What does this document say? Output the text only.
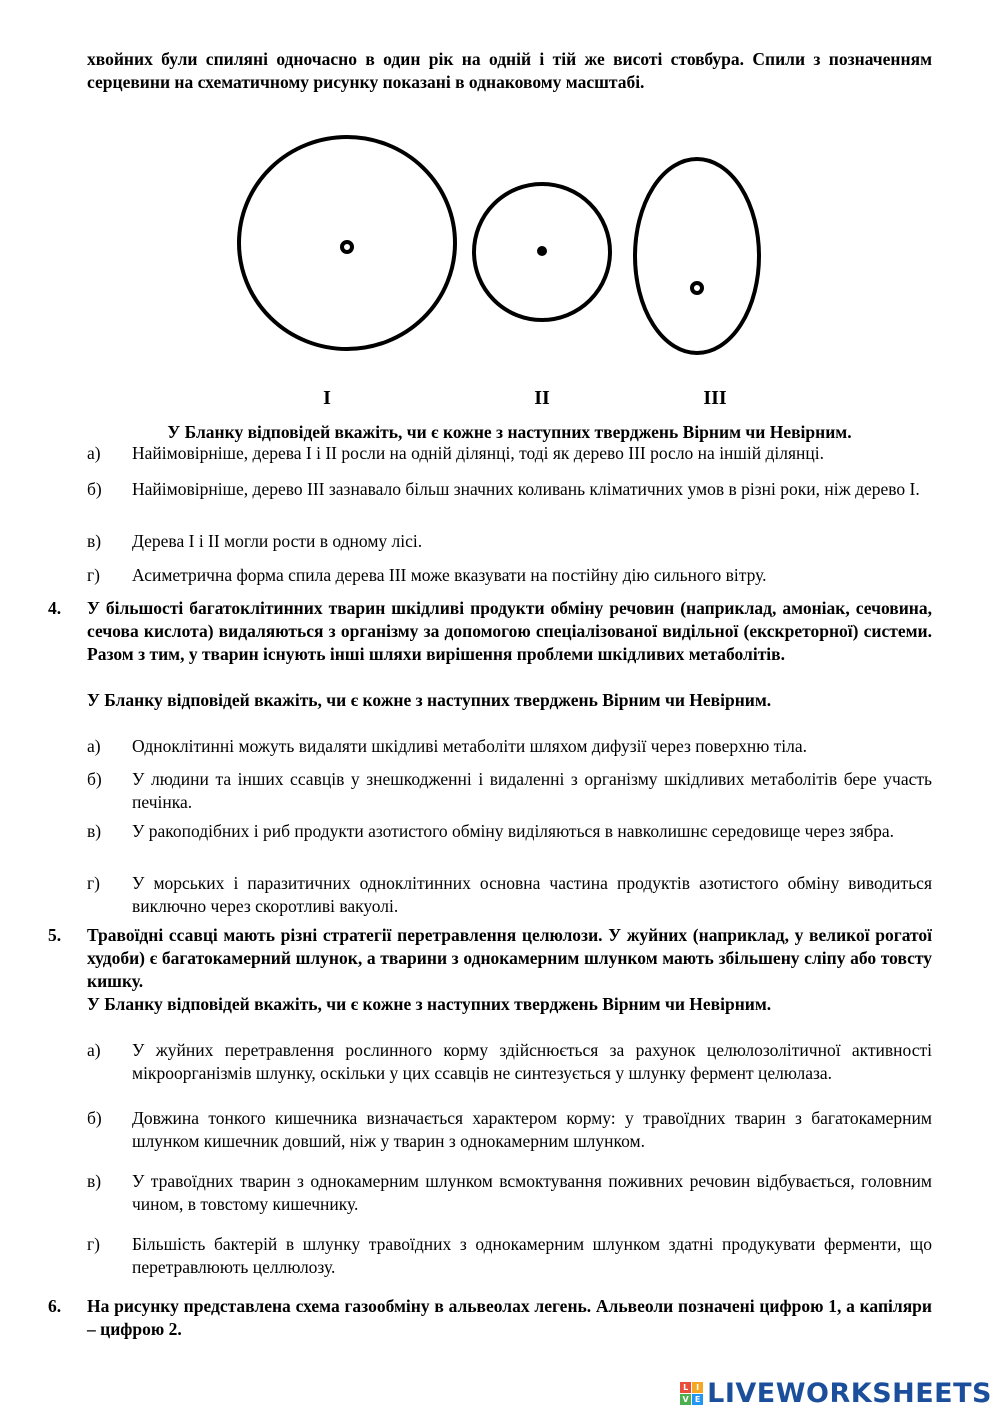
хвойних були спиляні одночасно в один рік на одній і тій же висоті стовбура. Спили з позначенням серцевини на схематичному рисунку показані в однаковому масштабі.
I	II	III
У Бланку відповідей вкажіть, чи є кожне з наступних тверджень Вірним чи Невірним.
а)	Найімовірніше, дерева I і II росли на одній ділянці, тоді як дерево III росло на іншій ділянці.
б)	Найімовірніше, дерево III зазнавало більш значних коливань кліматичних умов в різні роки, ніж дерево I.
в)	Дерева I і II могли рости в одному лісі.
г)	Асиметрична форма спила дерева III може вказувати на постійну дію сильного вітру.
4.	У більшості багатоклітинних тварин шкідливі продукти обміну речовин (наприклад, амоніак, сечовина, сечова кислота) видаляються з організму за допомогою спеціалізованої видільної (екскреторної) системи. Разом з тим, у тварин існують інші шляхи вирішення проблеми шкідливих метаболітів.
У Бланку відповідей вкажіть, чи є кожне з наступних тверджень Вірним чи Невірним.
а)	Одноклітинні можуть видаляти шкідливі метаболіти шляхом дифузії через поверхню тіла.
б)	У людини та інших ссавців у знешкодженні і видаленні з організму шкідливих метаболітів бере участь печінка.
в)	У ракоподібних і риб продукти азотистого обміну виділяються в навколишнє середовище через зябра.
г)	У морських і паразитичних одноклітинних основна частина продуктів азотистого обміну виводиться виключно через скоротливі вакуолі.
5.	Травоїдні ссавці мають різні стратегії перетравлення целюлози. У жуйних (наприклад, у великої рогатої худоби) є багатокамерний шлунок, а тварини з однокамерним шлунком мають збільшену сліпу або товсту кишку.
У Бланку відповідей вкажіть, чи є кожне з наступних тверджень Вірним чи Невірним.
а)	У жуйних перетравлення рослинного корму здійснюється за рахунок целюлозолітичної активності мікроорганізмів шлунку, оскільки у цих ссавців не синтезується у шлунку фермент целюлаза.
б)	Довжина тонкого кишечника визначається характером корму: у травоїдних тварин з багатокамерним шлунком кишечник довший, ніж у тварин з однокамерним шлунком.
в)	У травоїдних тварин з однокамерним шлунком всмоктування поживних речовин відбувається, головним чином, в товстому кишечнику.
г)	Більшість бактерій в шлунку травоїдних з однокамерним шлунком здатні продукувати ферменти, що перетравлюють целлюлозу.
6.	На рисунку представлена схема газообміну в альвеолах легень. Альвеоли позначені цифрою 1, а капіляри – цифрою 2.
L I
V E LIVEWORKSHEETS
